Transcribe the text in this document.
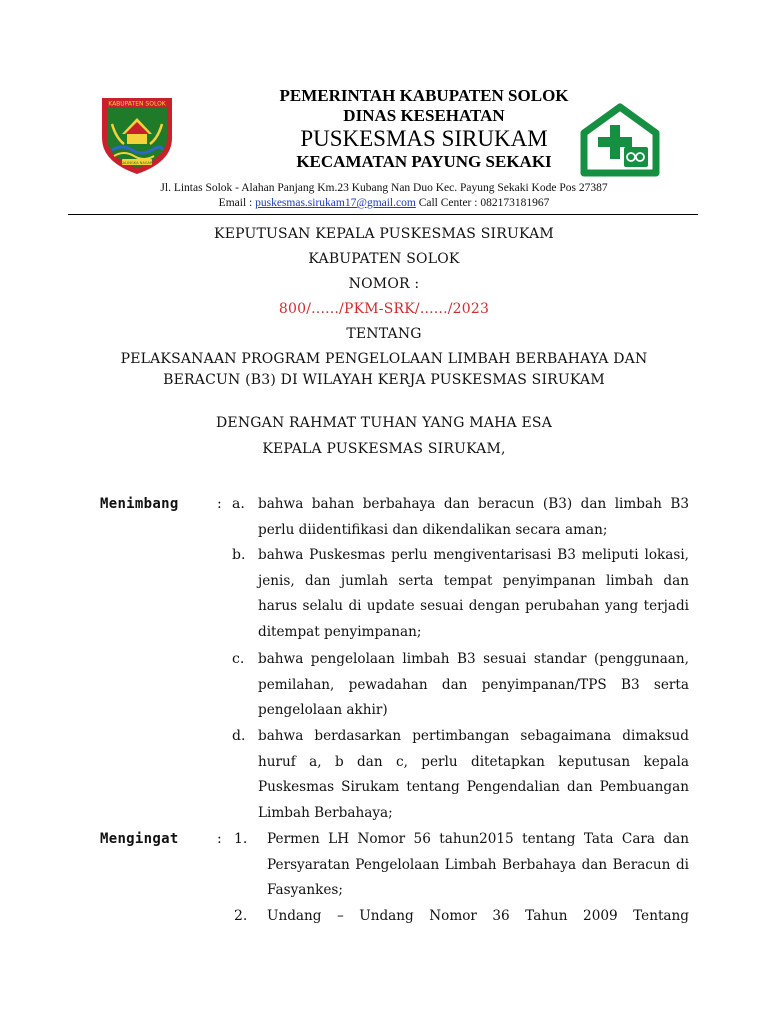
KABUPATEN SOLOK
SALINGKA NAGARI
PEMERINTAH KABUPATEN SOLOK
DINAS KESEHATAN
PUSKESMAS SIRUKAM
KECAMATAN PAYUNG SEKAKI
Jl. Lintas Solok - Alahan Panjang Km.23 Kubang Nan Duo Kec. Payung Sekaki Kode Pos 27387
Email : puskesmas.sirukam17@gmail.com Call Center : 082173181967
KEPUTUSAN KEPALA PUSKESMAS SIRUKAM
KABUPATEN SOLOK
NOMOR :
800/....../PKM-SRK/....../2023
TENTANG
PELAKSANAAN PROGRAM PENGELOLAAN LIMBAH BERBAHAYA DAN
BERACUN (B3) DI WILAYAH KERJA PUSKESMAS SIRUKAM
DENGAN RAHMAT TUHAN YANG MAHA ESA
KEPALA PUSKESMAS SIRUKAM,
Menimbang	: a. bahwa bahan berbahaya dan beracun (B3) dan limbah B3 perlu diidentifikasi dan dikendalikan secara aman;
b. bahwa Puskesmas perlu mengiventarisasi B3 meliputi lokasi, jenis, dan jumlah serta tempat penyimpanan limbah dan harus selalu di update sesuai dengan perubahan yang terjadi ditempat penyimpanan;
c. bahwa pengelolaan limbah B3 sesuai standar (penggunaan, pemilahan, pewadahan dan penyimpanan/TPS B3 serta pengelolaan akhir)
d. bahwa berdasarkan pertimbangan sebagaimana dimaksud huruf a, b dan c, perlu ditetapkan keputusan kepala Puskesmas Sirukam tentang Pengendalian dan Pembuangan Limbah Berbahaya;
Mengingat	: 1. Permen LH Nomor 56 tahun2015 tentang Tata Cara dan Persyaratan Pengelolaan Limbah Berbahaya dan Beracun di Fasyankes;
2. Undang – Undang Nomor 36 Tahun 2009 Tentang
